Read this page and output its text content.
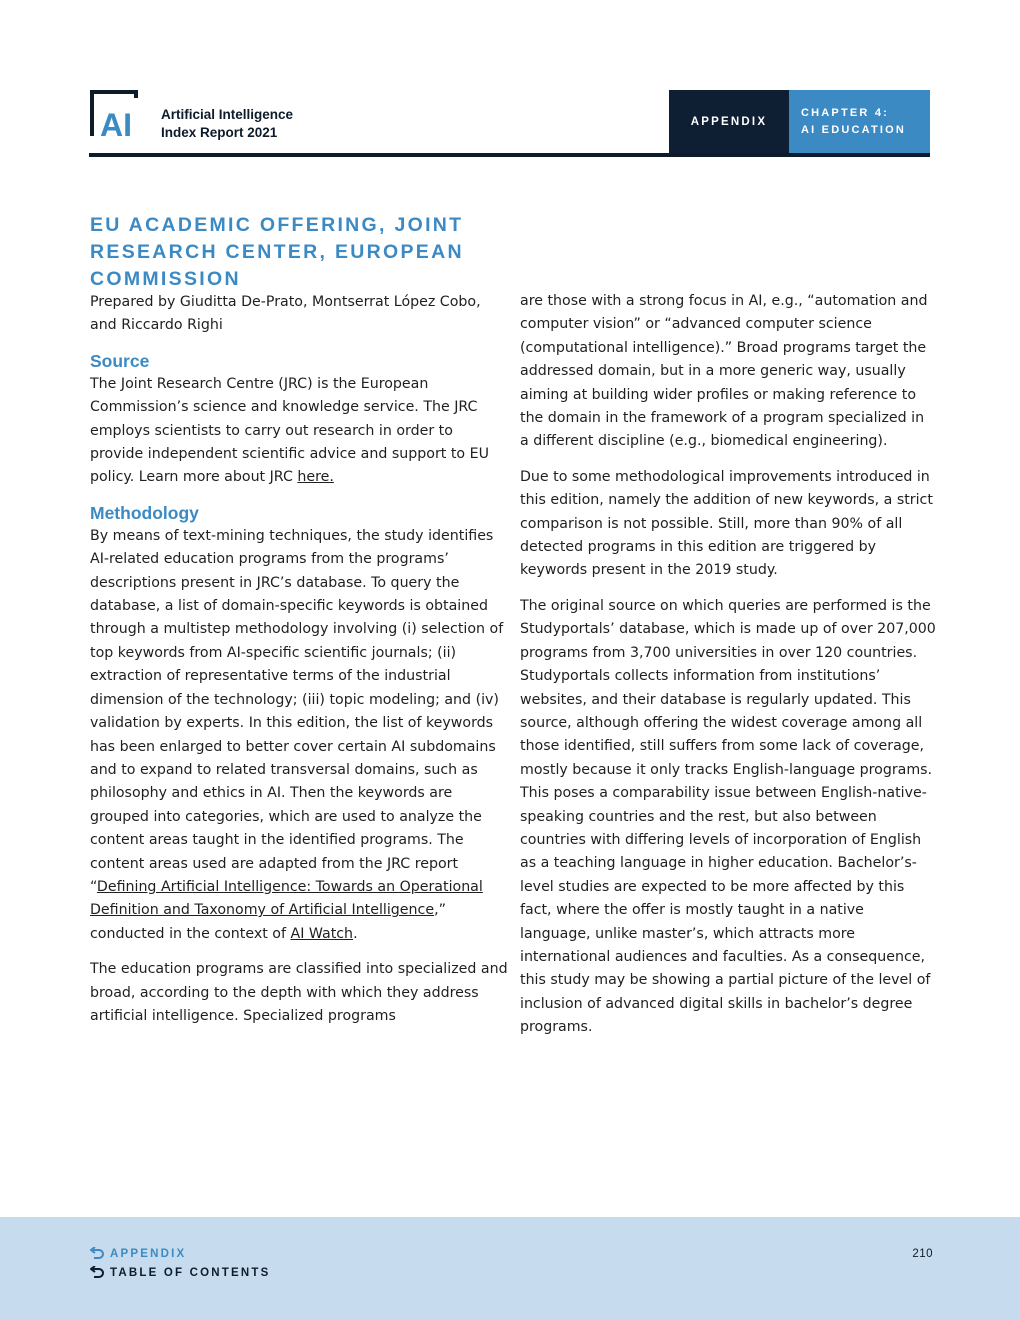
AI Artificial Intelligence
Index Report 2021
APPENDIX
CHAPTER 4:
AI EDUCATION
EU ACADEMIC OFFERING, JOINT
RESEARCH CENTER, EUROPEAN
COMMISSION

Prepared by Giuditta De-Prato, Montserrat López Cobo, and Riccardo Righi

Source

The Joint Research Centre (JRC) is the European Commission’s science and knowledge service. The JRC employs scientists to carry out research in order to provide independent scientific advice and support to EU policy. Learn more about JRC here.

Methodology

By means of text-mining techniques, the study identifies AI-related education programs from the programs’ descriptions present in JRC’s database. To query the database, a list of domain-specific keywords is obtained through a multistep methodology involving (i) selection of top keywords from AI-specific scientific journals; (ii) extraction of representative terms of the industrial dimension of the technology; (iii) topic modeling; and (iv) validation by experts. In this edition, the list of keywords has been enlarged to better cover certain AI subdomains and to expand to related transversal domains, such as philosophy and ethics in AI. Then the keywords are grouped into categories, which are used to analyze the content areas taught in the identified programs. The content areas used are adapted from the JRC report “Defining Artificial Intelligence: Towards an Operational Definition and Taxonomy of Artificial Intelligence,” conducted in the context of AI Watch.

The education programs are classified into specialized and broad, according to the depth with which they address artificial intelligence. Specialized programs

are those with a strong focus in AI, e.g., “automation and computer vision” or “advanced computer science (computational intelligence).” Broad programs target the addressed domain, but in a more generic way, usually aiming at building wider profiles or making reference to the domain in the framework of a program specialized in a different discipline (e.g., biomedical engineering).

Due to some methodological improvements introduced in this edition, namely the addition of new keywords, a strict comparison is not possible. Still, more than 90% of all detected programs in this edition are triggered by keywords present in the 2019 study.

The original source on which queries are performed is the Studyportals’ database, which is made up of over 207,000 programs from 3,700 universities in over 120 countries. Studyportals collects information from institutions’ websites, and their database is regularly updated. This source, although offering the widest coverage among all those identified, still suffers from some lack of coverage, mostly because it only tracks English-language programs. This poses a comparability issue between English-native-speaking countries and the rest, but also between countries with differing levels of incorporation of English as a teaching language in higher education. Bachelor’s-level studies are expected to be more affected by this fact, where the offer is mostly taught in a native language, unlike master’s, which attracts more international audiences and faculties. As a consequence, this study may be showing a partial picture of the level of inclusion of advanced digital skills in bachelor’s degree programs.

APPENDIX
TABLE OF CONTENTS
210
